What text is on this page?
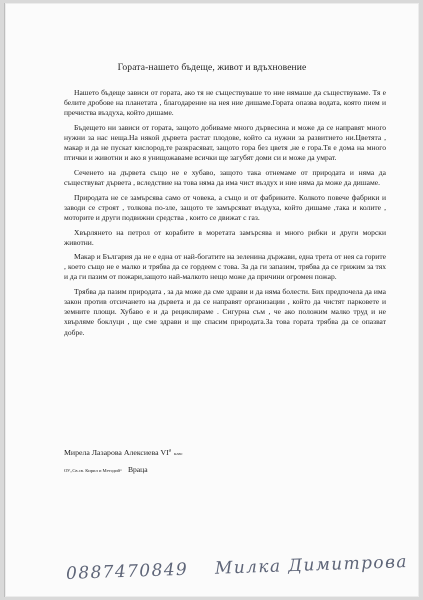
Гората-нашето бъдеще, живот и вдъхновение

Нашето бъдеще зависи от гората, ако тя не съществуваше то ние нямаше да съществуваме. Тя е белите дробове на планетата , благодарение на нея ние дишаме.Гората опазва водата, която пием и пречиства въздуха, който дишаме.

Бъдещето ни зависи от гората, защото добиваме много дървесина и може да се направят много нужни за нас неща.На някой дървета растат плодове, който са нужни за развитието ни.Цветята , макар и да не пускат кислород,те разкрасяват, защото гора без цветя ,не е гора.Тя е дома на много птички и животни и ако я унищожаваме всички ще загубят доми си и може да умрат.

Сеченето на дървета също не е хубаво, защото така отнемаме от природата и няма да съществуват дървета , вследствие на това няма да има чист въздух и ние няма да може да дишаме.

Природата не се замърсява само от човека, а също и от фабриките. Колкото повече фабрики и заводи се строят , толкова по-зле, защото те замърсяват въздуха, който дишаме ,така и колите , моторите и други подвижни средства , които се движат с газ.

Хвърлянето на петрол от корабите в моретата замърсява и много рибки и други морски животни.

Макар и България да не е една от най-богатите на зеленина държави, една трета от нея са горите , което също не е малко и трябва да се гордеем с това. За да ги запазим, трябва да се грижим за тях и да ги пазим от пожари,защото най-малкото нещо може да причини огромен пожар.

Трябва да пазим природата , за да може да сме здрави и да няма болести. Бих предпочела да има закон против отсичането на дървета и да се направят организации , който да чистят парковете и земните площи. Хубаво е и да рециклираме . Сигурна съм , че ако положим малко труд и не хвърляме боклуци , ще сме здрави и ще спасим природата.За това гората трябва да се опазват добре.

Мирела Лазарова Алексиева $VI^аклас$
ОУ„Св.св. Кирил и Методий“ Враца
0887470849 Милка Димитрова
